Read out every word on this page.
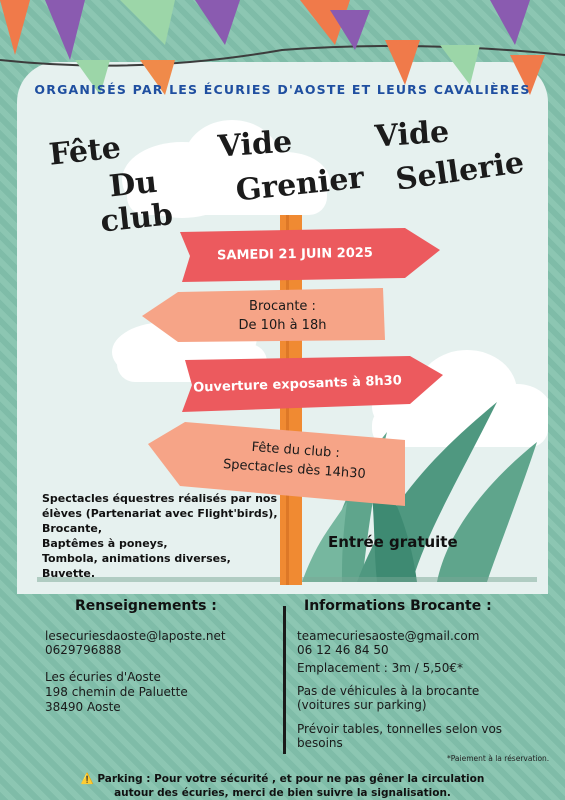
ORGANISÉS PAR LES ÉCURIES D'AOSTE ET LEURS CAVALIÈRES
Fête
Du club
Vide
Grenier
Vide
Sellerie
SAMEDI 21 JUIN 2025
Brocante :
De 10h à 18h
Ouverture exposants à 8h30
Fête du club :
Spectacles dès 14h30
Spectacles équestres réalisés par nos
élèves (Partenariat avec Flight'birds),
Brocante,
Baptêmes à poneys,
Tombola, animations diverses,
Buvette.
Entrée gratuite
Renseignements :
lesecuriesdaoste@laposte.net
0629796888
Les écuries d'Aoste
198 chemin de Paluette
38490 Aoste
Informations Brocante :
teamecuriesaoste@gmail.com
06 12 46 84 50
Emplacement : 3m / 5,50€*
Pas de véhicules à la brocante
(voitures sur parking)
Prévoir tables, tonnelles selon vos
besoins
*Paiement à la réservation.
⚠️ Parking : Pour votre sécurité , et pour ne pas gêner la circulation
autour des écuries, merci de bien suivre la signalisation.
